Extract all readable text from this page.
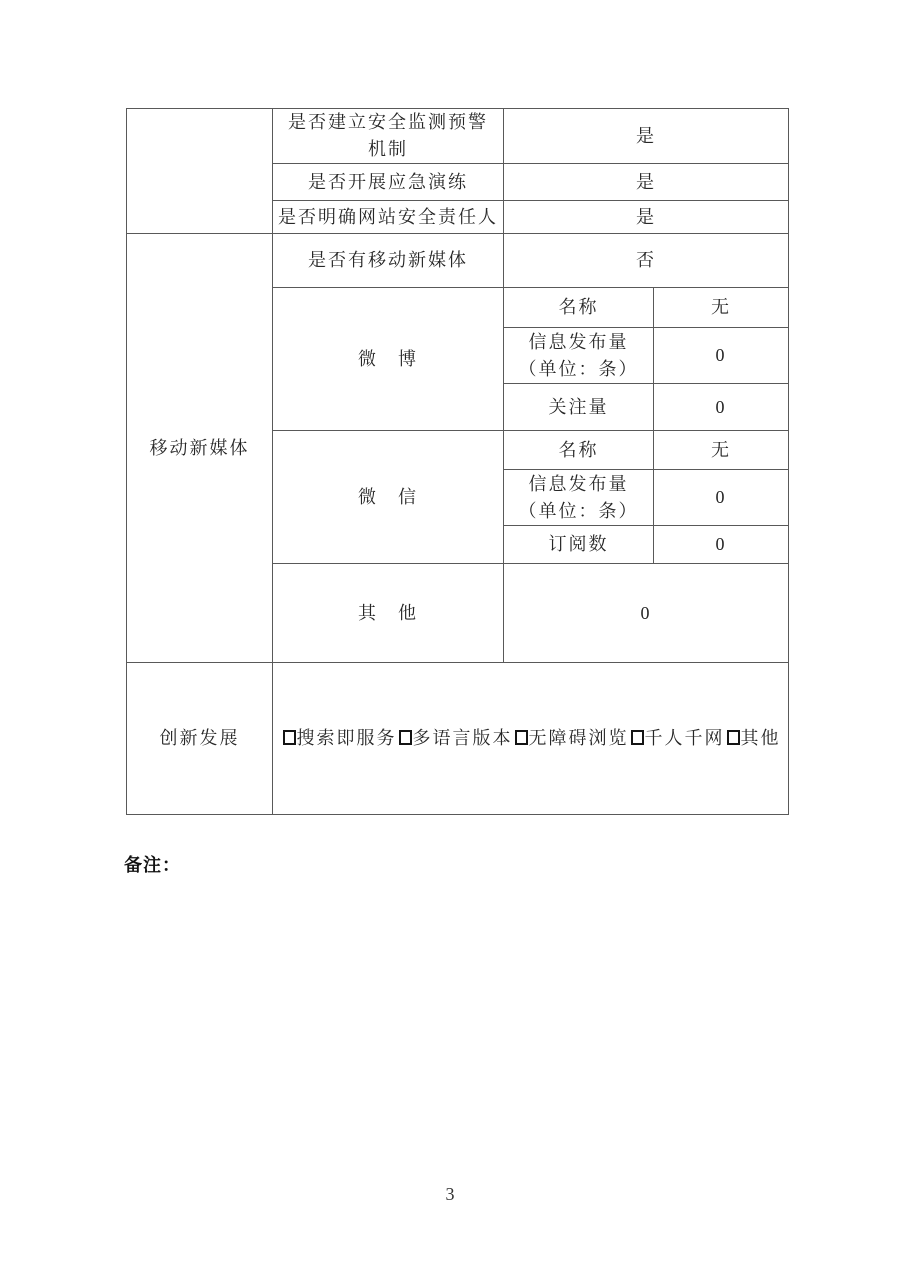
	是否建立安全监测预警
机制	是	
	是否开展应急演练	是	
	是否明确网站安全责任人	是	
移动新媒体	是否有移动新媒体	否	
	微　博	名称	无

		信息发布量
（单位：条）	0
		关注量	0
	微　信	名称	无

		信息发布量
（单位：条）	0
		订阅数	0
	其　他	0	
创新发展	搜索即服务 多语言版本 无障碍浏览 千人千网 其他		
备注：
3
